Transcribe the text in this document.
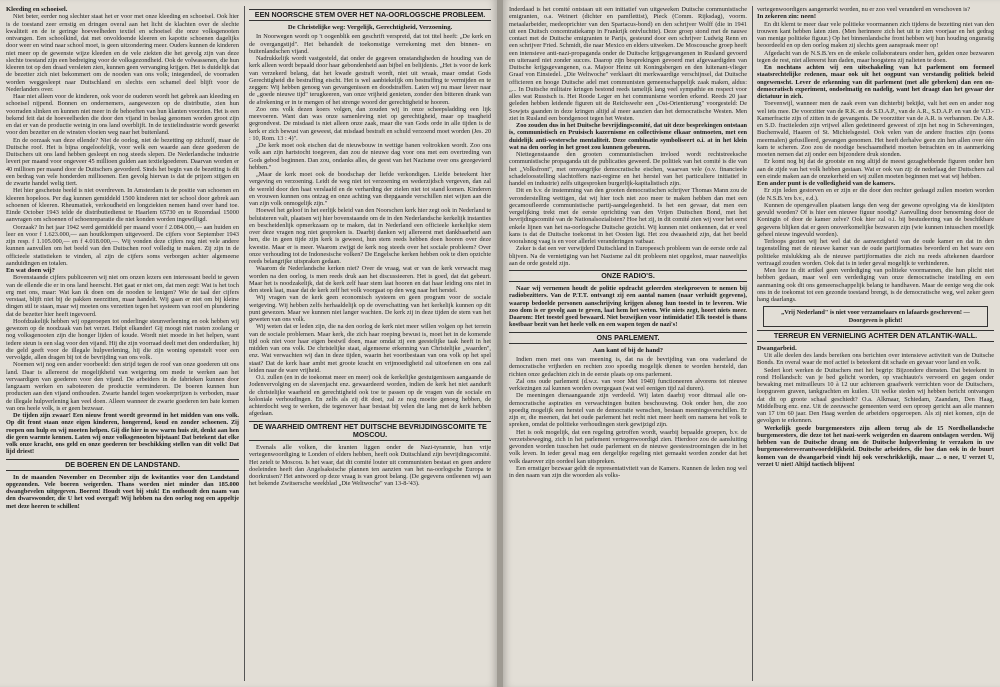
Kleeding en schoeisel.

Niet beter, eerder nog slechter staat het er voor met onze kleeding en schoeisel. Ook hier is de toestand zeer ernstig en dringen overal aan het licht de klachten over de slechte kwaliteit en de te geringe hoeveelheden textiel en schoeisel die onze volksgenooten ontvangen. Een schoolkind, dat met onvoldoende kleeren en kapotte schoenen dagelijks door weer en wind naar school moet, is geen uitzondering meer. Ouders kunnen de kinderen niet meer op de gewenste wijze kleeden en de vele ziekten die het gevolg zijn van deze slechte toestand zijn een bedreiging voor de volksgezondheid. Ook de volwassenen, die hun kleeren tot op den draad versleten zien, kunnen geen vervanging krijgen. Het is duidelijk dat de bezetter zich niet bekommert om de nooden van ons volk; integendeel, de voorraden worden weggesleept naar Duitschland en slechts een schamel deel blijft voor de Nederlanders over.

Haar niet alleen voor de kinderen, ook voor de ouderen wordt het gebrek aan kleeding en schoeisel nijpend. Bonnen en ondernemers, aangewezen op de distributie, zien hun voorraden slinken en kunnen niet meer in de behoeften van hun klanten voorzien. Het is een bekend feit dat de hoeveelheden die door den vijand in beslag genomen worden groot zijn en dat er van de productie weinig in ons land overblijft. In de textielindustrie wordt gewerkt voor den bezetter en de winsten vloeien weg naar het buitenland.

En de oorzaak van deze ellende? Niet de oorlog, niet de bezetting op zichzelf, maar de Duitsche roof. Het is bijna ongeloofelijk, voor welk een waarde aan deze goederen de Duitschers uit ons land hebben gesleept en nog steeds slepen. De Nederlandsche industrie levert per maand voor ongeveer 45 millioen gulden aan textielgoederen. Daarvan worden er 40 millioen per maand door de Duitschers gevorderd. Sinds het begin van de bezetting is dit een bedrag van vele honderden millioenen. Een gevolg hiervan is dat de prijzen stijgen en de zwarte handel welig tiert.

Het hier geschetste beeld is niet overdreven. In Amsterdam is de positie van schoenen en kleeren hopeloos. Per dag kunnen gemiddeld 1500 kinderen niet ter school door gebrek aan schoenen of kleeren. Rheumatiek, verkoudheid en longziekten nemen hand over hand toe. Einde October 1943 telde de distributiedienst te Haarlem 65730 en te Rozendaal 15000 aanvragen om schoenen of schoenreparatie die niet konden worden ingewilligd.

Oorzaak? In het jaar 1942 werd gemiddeld per maand voor f 2.084.000,— aan huiden en leer en voor f 1.623.000,— aan houtklompen uitgevoerd. De cijfers voor September 1943 zijn resp. f 1.105.000,— en f 4.018.000,—. Wij vonden deze cijfers nog niet vele andere kunnen aanvullen om het beeld van den Duitschen roof volledig te maken. Zij zijn in de officieele statistieken te vinden, al zijn de cijfers soms verborgen achter algemeene aanduidingen en totalen.

En wat doen wij?

Bovenstaande cijfers publiceeren wij niet om onzen lezers een interessant beeld te geven van de ellende die er in ons land heerscht. Het gaat er niet om, dat men zegt: Wat is het toch erg met ons, maar: Wat kan ik doen om de nooden te lenigen? Wie de taal der cijfers verstaat, blijft niet bij de pakken neerzitten, maar handelt. Wij gaan er niet om bij kleine dingen stil te staan, maar wij moeten ons verzetten tegen het systeem van roof en plundering dat de bezetter hier heeft ingevoerd.

Hoofdzakelijk hebben wij opgeroepen tot onderlinge steunverleening en ook hebben wij gewezen op de noodzaak van het verzet. Helpt elkander! Gij moogt niet rusten zoolang er nog volksgenooten zijn die honger lijden of koude. Wordt niet moede in het helpen, want iedere steun is een slag voor den vijand. Hij die zijn voorraad deelt met den onderduiker, hij die geld geeft voor de illegale hulpverlening, hij die zijn woning openstelt voor een vervolgde, allen dragen bij tot de bevrijding van ons volk.

Noemen wij nog een ander voorbeeld: den strijd tegen de roof van onze goederen uit ons land. Daar is allereerst de mogelijkheid van weigering om mede te werken aan het vervaardigen van goederen voor den vijand. De arbeiders in de fabrieken kunnen door langzaam werken en saboteeren de productie verminderen. De boeren kunnen hun producten aan den vijand onthouden. Zwarte handel tegen woekerprijzen is verboden, maar de illegale hulpverlening kan veel doen. Alleen wanneer de zwarte goederen ten bate komen van ons heele volk, is er geen bezwaar.

De tijden zijn zwaar! Een nieuw front wordt gevormd in het midden van ons volk. Op dit front staan onze eigen kinderen, hongerend, koud en zonder schoenen. Zij roepen om hulp en wij moeten helpen. Gij die hier in uw warm huis zit, denkt aan hen die geen warmte kennen. Laten wij onze volksgenooten bijstaan! Dat betekent dat elke volk onze kracht, ons geld en onze goederen ter beschikking stellen van dit volk! Dat lijd driest!

DE BOEREN EN DE LANDSTAND.

In de maanden November en December zijn de kwitanties voor den Landstand opgezonden. Vele boeren weigerden. Thans worden niet minder dan 185.000 dwangbevelen uitgegeven. Boeren! Houdt voet bij stuk! En onthoudt den naam van den dwarswonder, die U het vod overgaf! Wij hebben na den oorlog nog een appeltje met deze heeren te schillen!

EEN NOORSCHE STEM OVER HET NA-OORLOGSCHE PROBLEEM.
De Christelijke weg: Vergelijk, Gerechtigheid, Verzoening.

In Noorwegen wordt op 't oogenblik een geschrift verspreid, dat tot titel heeft: „De kerk en de overgangstijd". Het behandelt de toekomstige verrekening met den binnen- en buitenlandschen vijand.

Nadrukkelijk wordt vastgesteld, dat onder de gegeven omstandigheden de houding van de kerk alleen wordt bepaald door haar gebondenheid aan bijbel en belijdenis. „Het is voor de kerk van verzekerd belang, dat het kwade gestraft wordt, niet uit wraak, maar omdat Gods Gerechtigheid die bestraffing eischt. Het is wel aanbiekelijk om bestraffing te vermijden en te zeggen: Wij hebben genoeg van gevangenissen en doodstraffen. Laten wij nu maar liever naar de „goede nieuwe tijd" terugkeeren, van onze vrijheid genieten, zonder den bitteren drank van de afrekening er in te mengen of het strenge woord der gerechtigheid te hooren.

Zoo ons volk dezen koers volgen, dan zouden wij in onze scheepsladding een lijk meevoeren. Want dan was onze samenleving niet op gerechtigheid, maar op traagheid gegrondvest. De misdaad is niet alleen onze zaak, maar die van Gods orde in alle tijden is de kerk er zich bewust van geweest, dat misdaad bestraft en schuld verzoend moet worden (Jes. 20 : 10, Rom. 13 : 4)".

„De kerk moet ook eischen dat de nieuwbouw in wettige banen voltrokken wordt. Zoo ons volk aan zijn hartstocht toegeven, dan zou de nieuwe dag voor ons met een overtreding van Gods gebod beginnen. Dan zou, ondanks alles, de geest van het Nazisme over ons gezegevierd hebben."

„Maar de kerk moet ook de boodschap der liefde verkondigen. Liefde beteekent hier vergeving en verzoening. Leidt de weg niet tot verzoening en wederzijdsch vergeven, dan zal de wereld door den haat verslaafd en de verharding der zielen niet tot stand komen. Kinderen en vrouwen kunnen ons ontzag en onze achting van diepgaande verschillen niet wijten aan die van zijn volk onmogelijk zijn."

Hoewel het geloof in het eerlijk beleid van den Noorschen kerk hier zegt ook in Nederland te beluisteren valt, plaatsen wij hier bovenstaande om de in den Nederlandsche kerkelijk instanties en bescheidenlijk opmerkzaam op te maken, dat in Nederland een officieele kerkelijke stem over deze vragen nog niet gesproken is. Daarbij danken wij allereerst met dankbaarheid aan hen, die in geen tijde zijn kerk is geweest, hun stem reeds hebben doen hooren over deze kwestie. Maar er is meer. Waarom zwijgt de kerk nog steeds over het sociale probleem? Over onze verhouding tot de Indonesische volken? De Engelsche kerken hebben ook te dien opzichte reeds belangrijke uitspraken gedaan.

Waarom de Nederlandsche kerken niet? Over de vraag, wat er van de kerk verwacht mag worden na den oorlog, is men reeds druk aan het discussieeren. Het is goed, dat dat gebeurt. Maar het is noodzakelijk, dat de kerk zelf haar stem laat hooren en dat haar leiding ons niet in den steek laat, maar dat de kerk zelf het volk voorgaat op den weg naar het herstel.

Wij vragen van de kerk geen economisch systeem en geen program voor de sociale wetgeving. Wij hebben zelfs herhaaldelijk op de overschatting van het kerkelijk kunnen op dit punt gewezen. Maar we kunnen niet langer wachten. De kerk zij in deze tijden de stem van het geweten van ons volk.

Wij weten dat er leden zijn, die na den oorlog de kerk niet meer willen volgen op het terrein van de sociale problemen. Maar kerk, die zich haar roeping bewust is, moet het in de komende tijd ook niet voor haar eigen bestwil doen, maar omdat zij een geestelijke taak heeft in het midden van ons volk. De christelijke staat, algemeene erkenning van Christelijke „waarden", enz. Wat verwachten wij dan in deze tijden, waarin het voortbestaan van ons volk op het spel staat? Dat de kerk haar ambt met groote kracht en vrijmoedigheid zal uitoefenen en ons zal leiden naar de ware vrijheid.

O.i. zullen (en in de toekomst meer en meer) ook de kerkelijke gestuigenissen aangaande de Jodenvervolging en de slavenjacht enz. gewaardeerd worden, indien de kerk het niet aandurft de christelijke waarheid en gerechtigheid ook toe te passen op de vragen van de sociale en koloniale verhoudingen. En zelfs als zij dit doet, zal ze nog moeite genoeg hebben, de achterdocht weg te werken, die tegenover haar bestaat bij velen die lang met de kerk hebben afgedaan.

DE WAARHEID OMTRENT HET DUITSCHE BEVRIJDINGSCOMITE TE MOSCOU.

Evenals alle volken, die kranten liggen onder de Nazi-tyrannie, hun vrije vertegenwoordiging te Londen of elders hebben, heeft ook Duitschland zijn bevrijdingscomité. Het zetelt te Moscou. Is het waar, dat dit comité louter uit communisten bestaat en geen andere doeleinden heeft dan Angelsaksische plannen ten aanzien van het na-oorlogsche Europa te doorkruisen? Het antwoord op deze vraag is van groot belang. (De gegevens ontleenen wij aan het bekende Zwitsersche weekblad „Die Weltwoche" van 13-8-'43).

Inderdaad is het comité ontstaan uit een initiatief van uitgeweken Duitsche communistische emigranten, o.a. Weinert (dichter en pamflettist), Pieck (Comm. Rijksdag), voorm. metaalarbeider, medeoprichter van den Spartacus-bond) en den schrijver Wolff (die in 1941 uit een Duitsch concentratiekamp in Frankrijk ontvluchtte). Deze groep stond met de nauwe contact met de Duitsche emigranten te Parijs, gesteund door een schrijver Ludwig Renn en een schrijver Fried. Schmidt, die naar Mexico en elders uitweken. De Moscousche groep heeft een intensieve anti-nazi-propaganda onder de Duitsche krijgsgevangenen in Rusland gevoerd en uiteraard niet zonder succes. Daarop zijn besprekingen gevoerd met afgevaardigden van Duitsche krijgsgevangenen, o.a. Majoor Heinz uit Koningsbergen en den luitenant-vlieger Graaf von Einsiedel. „Die Weltwoche" verklaart dit merkwaardige verschijnsel, dat Duitsche officieren en hooge Duitsche adel met communisten gemeenschappelijk zaak maken, aldus: „... In Duitsche militaire kringen bestond reeds tamelijk lang veel sympathie en respect voor alles wat Russisch is. Het Roode Leger en het communisme worden erkend. Reeds 20 jaar geleden hebben leidende figuren uit de Reichswehr een „Ost-Orientierung" voorgesteld: De Sowjets gaanden in deze kringen altijd al meer aanzien dan het democratische Westen. Men ziet in Rusland een bondgenoot tegen het Westen.

Zoo zouden dus in het Duitsche bevrijdingscomité, dat uit deze besprekingen ontstaan is, communistisch en Pruisisch kazernisme en collectivisme elkaar ontmoeten, met een duidelijk anti-westersche mentaliteit. Deze combinatie symboliseert o.i. at in het klein wat na den oorlog in het groot zou kunnen gebeuren.

Niettegenstaande den grooten communistischen invloed wordt rechtstreeksche communistische propaganda uit de publicaties geweerd. De politiek van het comité is die van het „Volksfront", met omvangrijke democratische eischen, waarvan vele (o.v. financieele schadeloosstelling slachtoffers nazi-regime en het herstel van het particuliere initiatief in handel en industrie) zelfs uitgesproken burgerlijk-kapitalistisch zijn.

Dit en b.v. de instemming van den grooten democratischen schrijver Thomas Mann zou de veronderstelling wettigen, dat wij hier toch niet zoo meer te maken hebben dan met een gecamoufleerde communistische partij-aangelegenheid. Is het een gevaar, dat men een vergelijking trekt met de eerste oprichting van den Vrijen Duitschen Bond, met het bevrijdingscomité van de Nationalsozialisten? Hoe het zij, in dit comité zien wij voor het eerst enkele lijnen van het na-oorlogsche Duitsche gezicht. Wij kunnen niet ontkennen, dat er veel kans is dat de Duitsche toekomst in het Oosten ligt. Het zou dwaasheid zijn, dat het beeld vooralsnog vaag is en voor allerlei veranderingen vatbaar.

Zeker is dat een ver verwijderd Duitschland in Europeesch probleem van de eerste orde zal blijven. Na de vernietiging van het Nazisme zal dit probleem niet opgelost, maar nauwelijks aan de orde gesteld zijn.

ONZE RADIO'S.

Naar wij vernemen houdt de politie opdracht geleerden steekproeven te nemen bij radiobezitters. Van de P.T.T. ontvangt zij een aantal namen (naar verluidt gegevens), waarop bedoelde personen aanschrijving krijgen alsnog hun toestel in te leveren. Wie zoo dom is er gevolg aan te geven, laat hem het weten. Wie niets zegt, hoort niets meer. Daarom: Het toestel goed bewaard. Niet bezwijken voor intimidatie! Elk toestel is thans kostbaar bezit van het heele volk en een wapen tegen de nazi's!

ONS PARLEMENT.
Aan kant of bij de hand?

Indien men met ons van meening is, dat na de bevrijding van ons vaderland de democratische vrijheden en rechten zoo spoedig mogelijk dienen te worden hersteld, dan richten onze gedachten zich in de eerste plaats op ons parlement.

Zal ons oude parlement (d.w.z. van voor Mei 1940) functioneeren alvorens tot nieuwe verkiezingen zal kunnen worden overgegaan (wat wel eenigen tijd zal duren).

De meeningen dienaangaande zijn verdeeld. Wij laten daarbij voor ditmaal alle on-democratische aspiraties en verwachtingen buiten beschouwing. Ook onder hen, die zoo spoedig mogelijk een herstel van de democratie wenschen, bestaan meeningsverschillen. Er zijn er, die meenen, dat het oude parlement het recht niet meer heeft om namens het volk te spreken, omdat de politieke verhoudingen sterk gewijzigd zijn.

Het is ook mogelijk, dat een regeling getroffen wordt, waarbij bepaalde groepen, b.v. de verzetsbeweging, zich in het parlement vertegenwoordigd zien. Hierdoor zou de aansluiting gevonden worden tusschen het oude parlement en de nieuwe geestesstroomingen die in het volk leven. In ieder geval mag een dergelijke regeling niet gemaakt worden zonder dat het volk daarover zijn oordeel kan uitspreken.

Een ernstiger bezwaar geldt de representativiteit van de Kamers. Kunnen de leden nog wel in den naam van zijn die woorden als volks-

vertegenwoordigers aangemerkt worden, nu er zoo veel veranderd en verschoven is?

In zekeren zin: neen!

En dit klemt te meer daar vele politieke voormannen zich tijdens de bezetting niet van den trouwen kant hebben laten zien. (Men herinnere zich het uit te zien voorjaar en het gedrag van menige politieke figuur.) Op het binnenlandsche front hebben wij hun houding ongunstig beoordeeld en op den oorlog maken zij slechts geen aanspraak meer op!

Afgedacht van de N.S.B.'ers en de enkele collaborateurs onder hen, gelden onze bezwaren tegen de rest, niet allereerst hun daden, maar hoogstens zij nalieten te doen.

En nochtans achten wij een uitschakeling van h.t parlement om formeel staatsrechtelijke redenen, maar ook uit het oogpunt van verstandig politiek beleid ongewenscht. Lever de erkenning van dit parlement (met alle gebreken) dan een on-democratisch experiment, ondoelmatig en nadelig, want het draagt dan het gevaar der dictatuur in zich.

Toevenwijl, wanneer men de zaak even van dichterbij bekijkt, valt het een en ander nog wel iets mee. De voorzitter van de R.K. en de S.D.A.P., van de A.R., S.D.A.P. en van de V.D.-Kamerfractie zijn of zitten in de gevangenis. De voorzitter van de A.R. is verbannen. De A.R. en S.D. fractieleden zijn vrijwel allen gedetineerd geweest of zijn het nog in Scheveningen, Buchenwald, Haaren of St. Michielsgestel. Ook velen van de andere fracties zijn (soms meermalen) gefusilleerd, gevangen genomen. Het heeft derhalve geen zin hen allen over één kam te scheren. Zoo zou de noodige beschaamdheid moeten betrachten en in aanmerking moeten nemen dat zij onder een bijzondere druk stonden.

Er komt nog bij dat de grootste en nog altijd de meest gezaghebbende figuren onder hen aan de zijde van het volk hebben gestaan. Wat er ook van zij: de nederlaag der Duitschers zal een einde maken aan de onzekerheid en wij zullen moeten beginnen met wat wij hebben.

Een ander punt is de volledigheid van de kamers.

Er zijn leden gestorven en er zijn er die door den rechter gedaagd zullen moeten worden (de N.S.B.'ers b.v., e.d.).

Kunnen de opengevallen plaatsen langs den weg der gewone opvolging via de kieslijsten gevuld worden? Of is hier een nieuwe figuur noodig? Aanvulling door benoeming door de Koningin of door de kamer zelve? Ook hier zal o.i. bij bestudeering van de beschikbare gegevens blijken dat er geen onoverkomelijke bezwaren zijn (wie kunnen intusschen moeilijk geheel nieuw ingevuld worden).

Terloops gezien wij het wel dat de aanwezigheid van de oude kamer en dat in den tegenstelling met de nieuwe kamer van de oude partijformaties bevorderd en het ware een politieke mislukking als de nieuwe partijformaties die zich nu reeds aftekenen daardoor vertraagd zouden worden. Ook dat is in ieder geval mogelijk te verhinderen.

Men leze in dit artikel geen verdediging van politieke voormannen, die hun plicht niet hebben gedaan, maar wel een verdediging van onze democratische instelling en een aanmaning ook dit ons gemeenschappelijk belang te handhaven. Maar de eenige weg die ook ons in de toekomst tot een gezonde toestand brengt, is de democratische weg, wel zeker geen hang daarlangs.

„Vrij Nederland" is niet voor verzamelaars en lafaards geschreven! — Doorgeven is plicht!
TERREUR EN VERNIELING ACHTER DEN ATLANTIK-WALL.

Dwangarbeid.

Uit alle deelen des lands bereiken ons berichten over intensieve activiteit van de Duitsche Bonds. En overal waar de mof actief is beteekent dit schade en gevaar voor land en volk.

Sedert kort werken de Duitschers met het begrip: Bijzondere diensten. Dat beteekent in rond Hollandsch: van je bed gelicht worden, op vrachtauto's vervoerd en gegen onder bewaking met mitrailleurs 10 à 12 uur achtereen graafwerk verrichten voor de Duitschers, loopgraven graven, tankgrachten en kuilen. Uit welke steden wij hebben bericht ontvangen dat dit op groote schaal geschiedt? O.a. Alkmaar, Schiedam, Zaandam, Den Haag, Middelburg enz. enz. Uit de zeeuwsche gemeenten werd een oproep gericht aan alle mannen van 17 t/m 60 jaar. Den Haag werden de arbeiders opgeroepen. Als zij niet komen, zijn de gevolgen te erkennen.

Werkelijk goede burgemeesters zijn alleen terug als de 15 Nordhollandsche burgemeesters, die deze tot het nazi-werk weigerden en daarom ontslagen werden. Wij hebben van de Duitsche drang om de Duitsche hulpverlening te verzaken in uw burgemeestersverantwoordelijkheid. Duitsche arbeiders, die hoe dan ook in de buurt komen van de dwangarbeid vindt hij ook verschrikkelijk, maar ... o nee, U verzet U, verzet U niet! Altijd tactisch blijven!
